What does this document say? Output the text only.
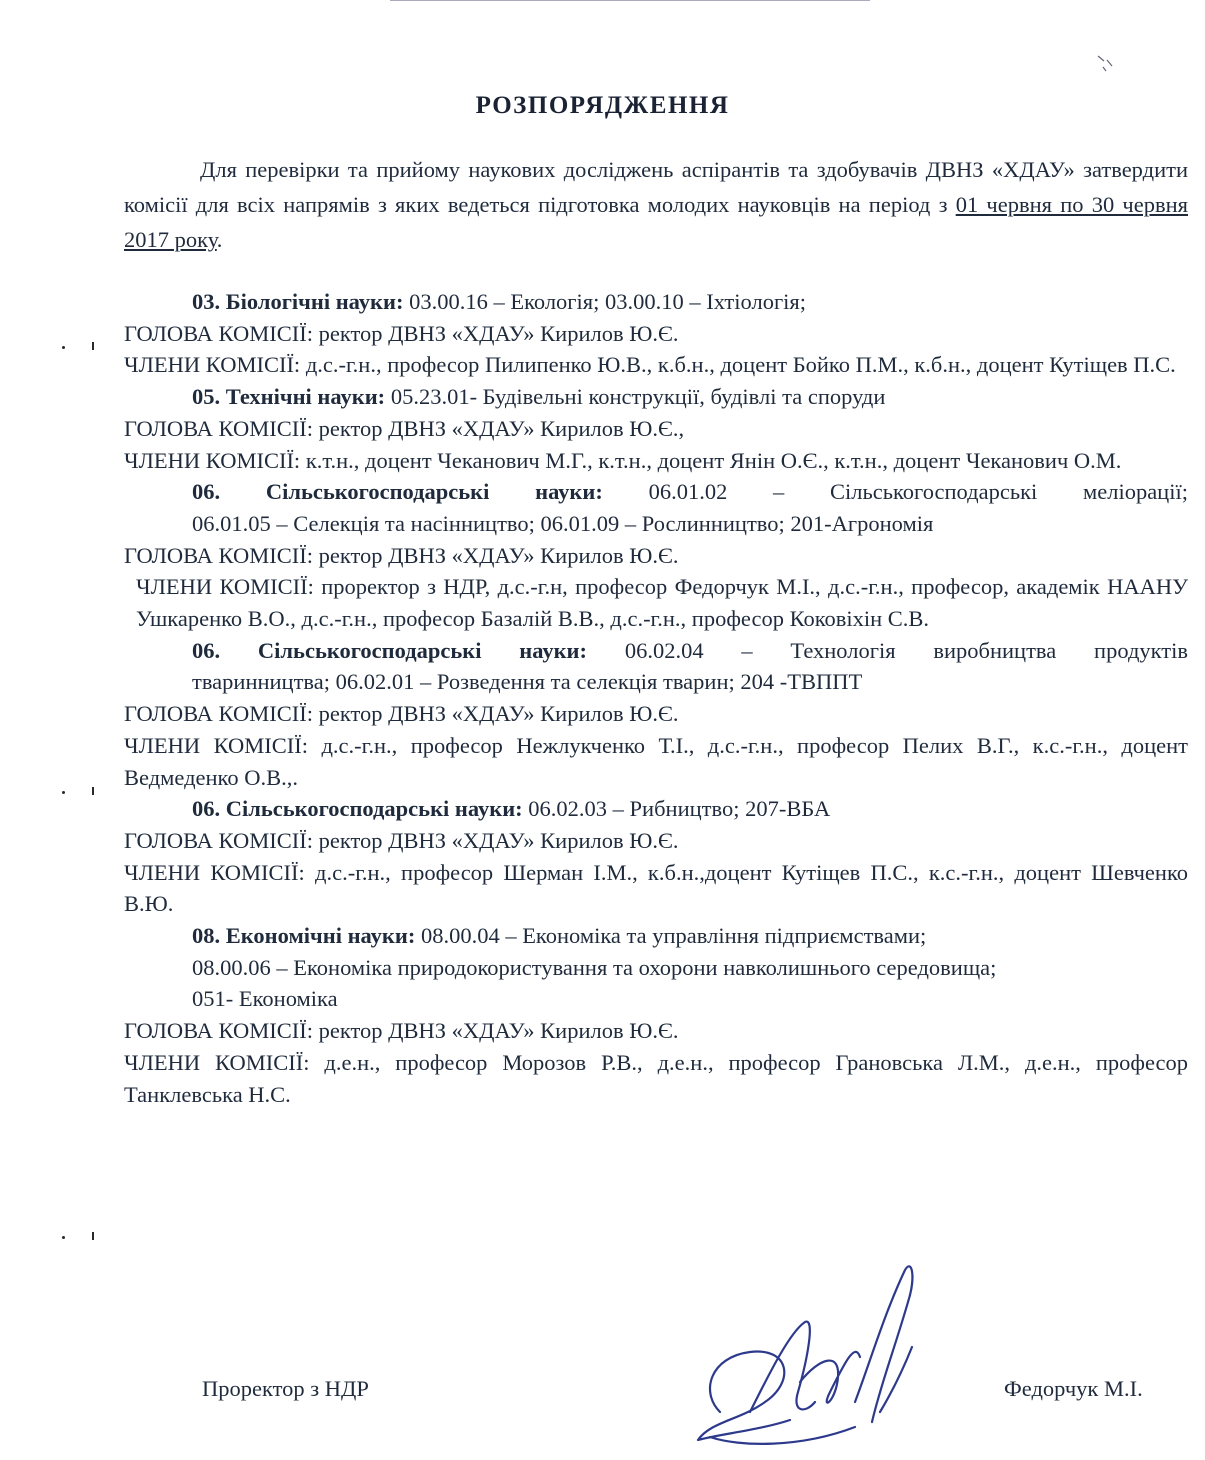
РОЗПОРЯДЖЕННЯ
Для перевірки та прийому наукових досліджень аспірантів та здобувачів ДВНЗ «ХДАУ» затвердити комісії для всіх напрямів з яких ведеться підготовка молодих науковців на період з 01 червня по 30 червня 2017 року.
03. Біологічні науки: 03.00.16 – Екологія; 03.00.10 – Іхтіологія;
ГОЛОВА КОМІСІЇ: ректор ДВНЗ «ХДАУ» Кирилов Ю.Є.
ЧЛЕНИ КОМІСІЇ: д.с.-г.н., професор Пилипенко Ю.В., к.б.н., доцент Бойко П.М., к.б.н., доцент Кутіщев П.С.
05. Технічні науки: 05.23.01- Будівельні конструкції, будівлі та споруди
ГОЛОВА КОМІСІЇ: ректор ДВНЗ «ХДАУ» Кирилов Ю.Є.,
ЧЛЕНИ КОМІСІЇ: к.т.н., доцент Чеканович М.Г., к.т.н., доцент Янін О.Є., к.т.н., доцент Чеканович О.М.
06. Сільськогосподарські науки: 06.01.02 – Сільськогосподарські меліорації;
06.01.05 – Селекція та насінництво; 06.01.09 – Рослинництво; 201-Агрономія
ГОЛОВА КОМІСІЇ: ректор ДВНЗ «ХДАУ» Кирилов Ю.Є.
ЧЛЕНИ КОМІСІЇ: проректор з НДР, д.с.-г.н, професор Федорчук М.І., д.с.-г.н., професор, академік НААНУ Ушкаренко В.О., д.с.-г.н., професор Базалій В.В., д.с.-г.н., професор Коковіхін С.В.
06. Сільськогосподарські науки: 06.02.04 – Технологія виробництва продуктів
тваринництва; 06.02.01 – Розведення та селекція тварин; 204 -ТВППТ
ГОЛОВА КОМІСІЇ: ректор ДВНЗ «ХДАУ» Кирилов Ю.Є.
ЧЛЕНИ КОМІСІЇ: д.с.-г.н., професор Нежлукченко Т.І., д.с.-г.н., професор Пелих В.Г., к.с.-г.н., доцент Ведмеденко О.В.,.
06. Сільськогосподарські науки: 06.02.03 – Рибництво; 207-ВБА
ГОЛОВА КОМІСІЇ: ректор ДВНЗ «ХДАУ» Кирилов Ю.Є.
ЧЛЕНИ КОМІСІЇ: д.с.-г.н., професор Шерман І.М., к.б.н.,доцент Кутіщев П.С., к.с.-г.н., доцент Шевченко В.Ю.
08. Економічні науки: 08.00.04 – Економіка та управління підприємствами;
08.00.06 – Економіка природокористування та охорони навколишнього середовища;
051- Економіка
ГОЛОВА КОМІСІЇ: ректор ДВНЗ «ХДАУ» Кирилов Ю.Є.
ЧЛЕНИ КОМІСІЇ: д.е.н., професор Морозов Р.В., д.е.н., професор Грановська Л.М., д.е.н., професор Танклевська Н.С.
Проректор з НДР	Федорчук М.І.
